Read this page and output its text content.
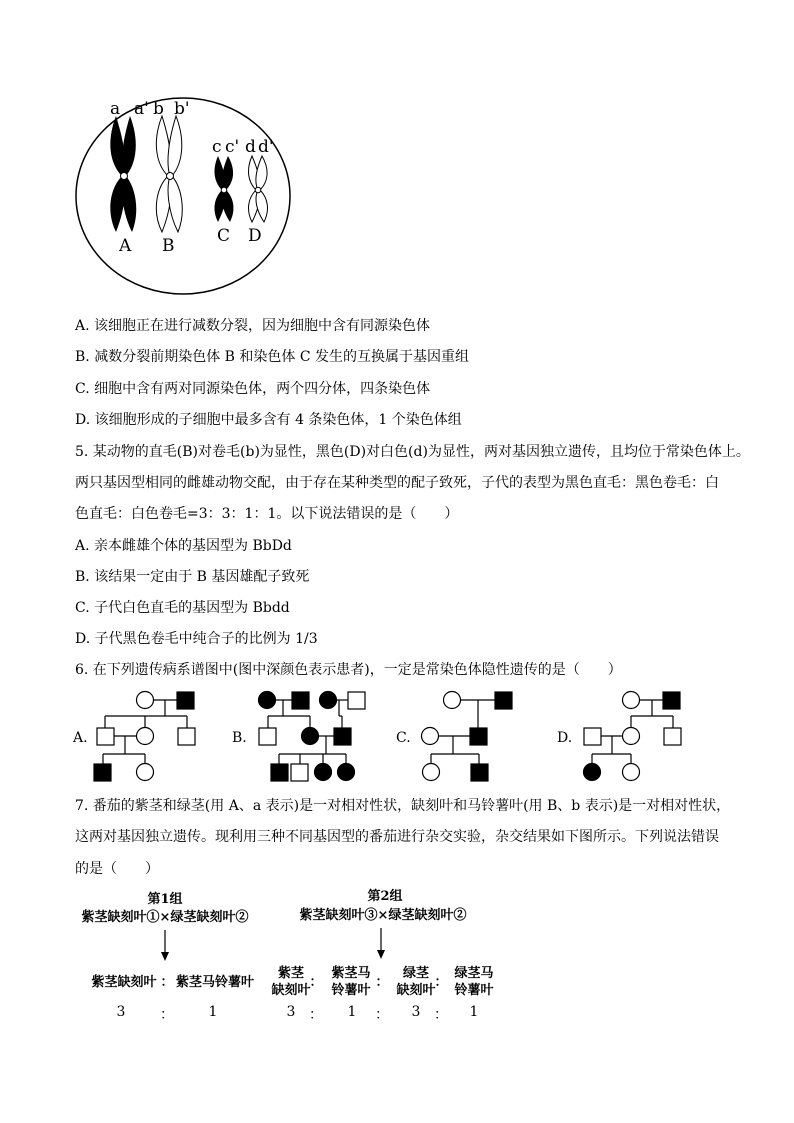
a a' b b'
c c' d d'
A B	C D
A. 该细胞正在进行减数分裂，因为细胞中含有同源染色体
B. 减数分裂前期染色体 B 和染色体 C 发生的互换属于基因重组
C. 细胞中含有两对同源染色体，两个四分体，四条染色体
D. 该细胞形成的子细胞中最多含有 4 条染色体，1 个染色体组
5. 某动物的直毛(B)对卷毛(b)为显性，黑色(D)对白色(d)为显性，两对基因独立遗传，且均位于常染色体上。
两只基因型相同的雌雄动物交配，由于存在某种类型的配子致死，子代的表型为黑色直毛：黑色卷毛：白
色直毛：白色卷毛=3：3：1：1。以下说法错误的是（　　）
A. 亲本雌雄个体的基因型为 BbDd
B. 该结果一定由于 B 基因雄配子致死
C. 子代白色直毛的基因型为 Bbdd
D. 子代黑色卷毛中纯合子的比例为 1/3
6. 在下列遗传病系谱图中(图中深颜色表示患者)，一定是常染色体隐性遗传的是（　　）
A.	B.	C.	D.
7. 番茄的紫茎和绿茎(用 A、a 表示)是一对相对性状，缺刻叶和马铃薯叶(用 B、b 表示)是一对相对性状，
这两对基因独立遗传。现利用三种不同基因型的番茄进行杂交实验，杂交结果如下图所示。下列说法错误
的是（　　）
第1组
紫茎缺刻叶①×绿茎缺刻叶②
紫茎缺刻叶 ： 紫茎马铃薯叶
3	：	1
第2组
紫茎缺刻叶③×绿茎缺刻叶②
紫茎
缺刻叶
：
紫茎马
铃薯叶
：
绿茎
缺刻叶
：
绿茎马
铃薯叶
3 ：	1	：	3 ：	1
